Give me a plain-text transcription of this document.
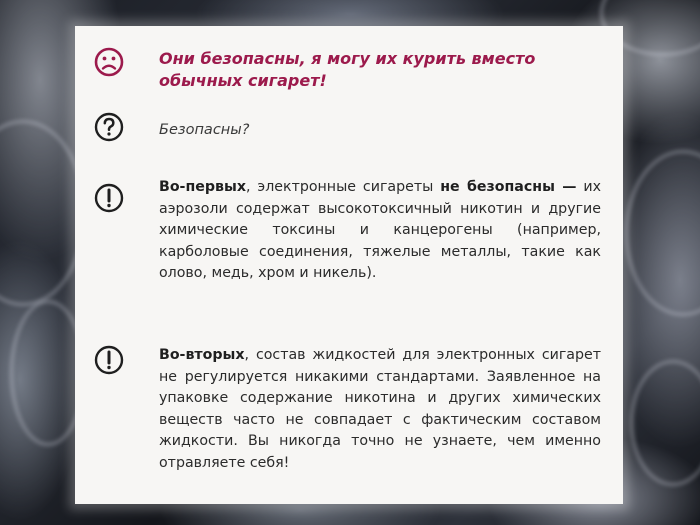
Они безопасны, я могу их курить вместо обычных сигарет!
Безопасны?
Во-первых, электронные сигареты не безопасны — их аэрозоли содержат высокотоксичный никотин и другие химические токсины и канцерогены (например, карболовые соединения, тяжелые металлы, такие как олово, медь, хром и никель).
Во-вторых, состав жидкостей для электронных сигарет не регулируется никакими стандартами. Заявленное на упаковке содержание никотина и других химических веществ часто не совпадает с фактическим составом жидкости. Вы никогда точно не узнаете, чем именно отравляете себя!
